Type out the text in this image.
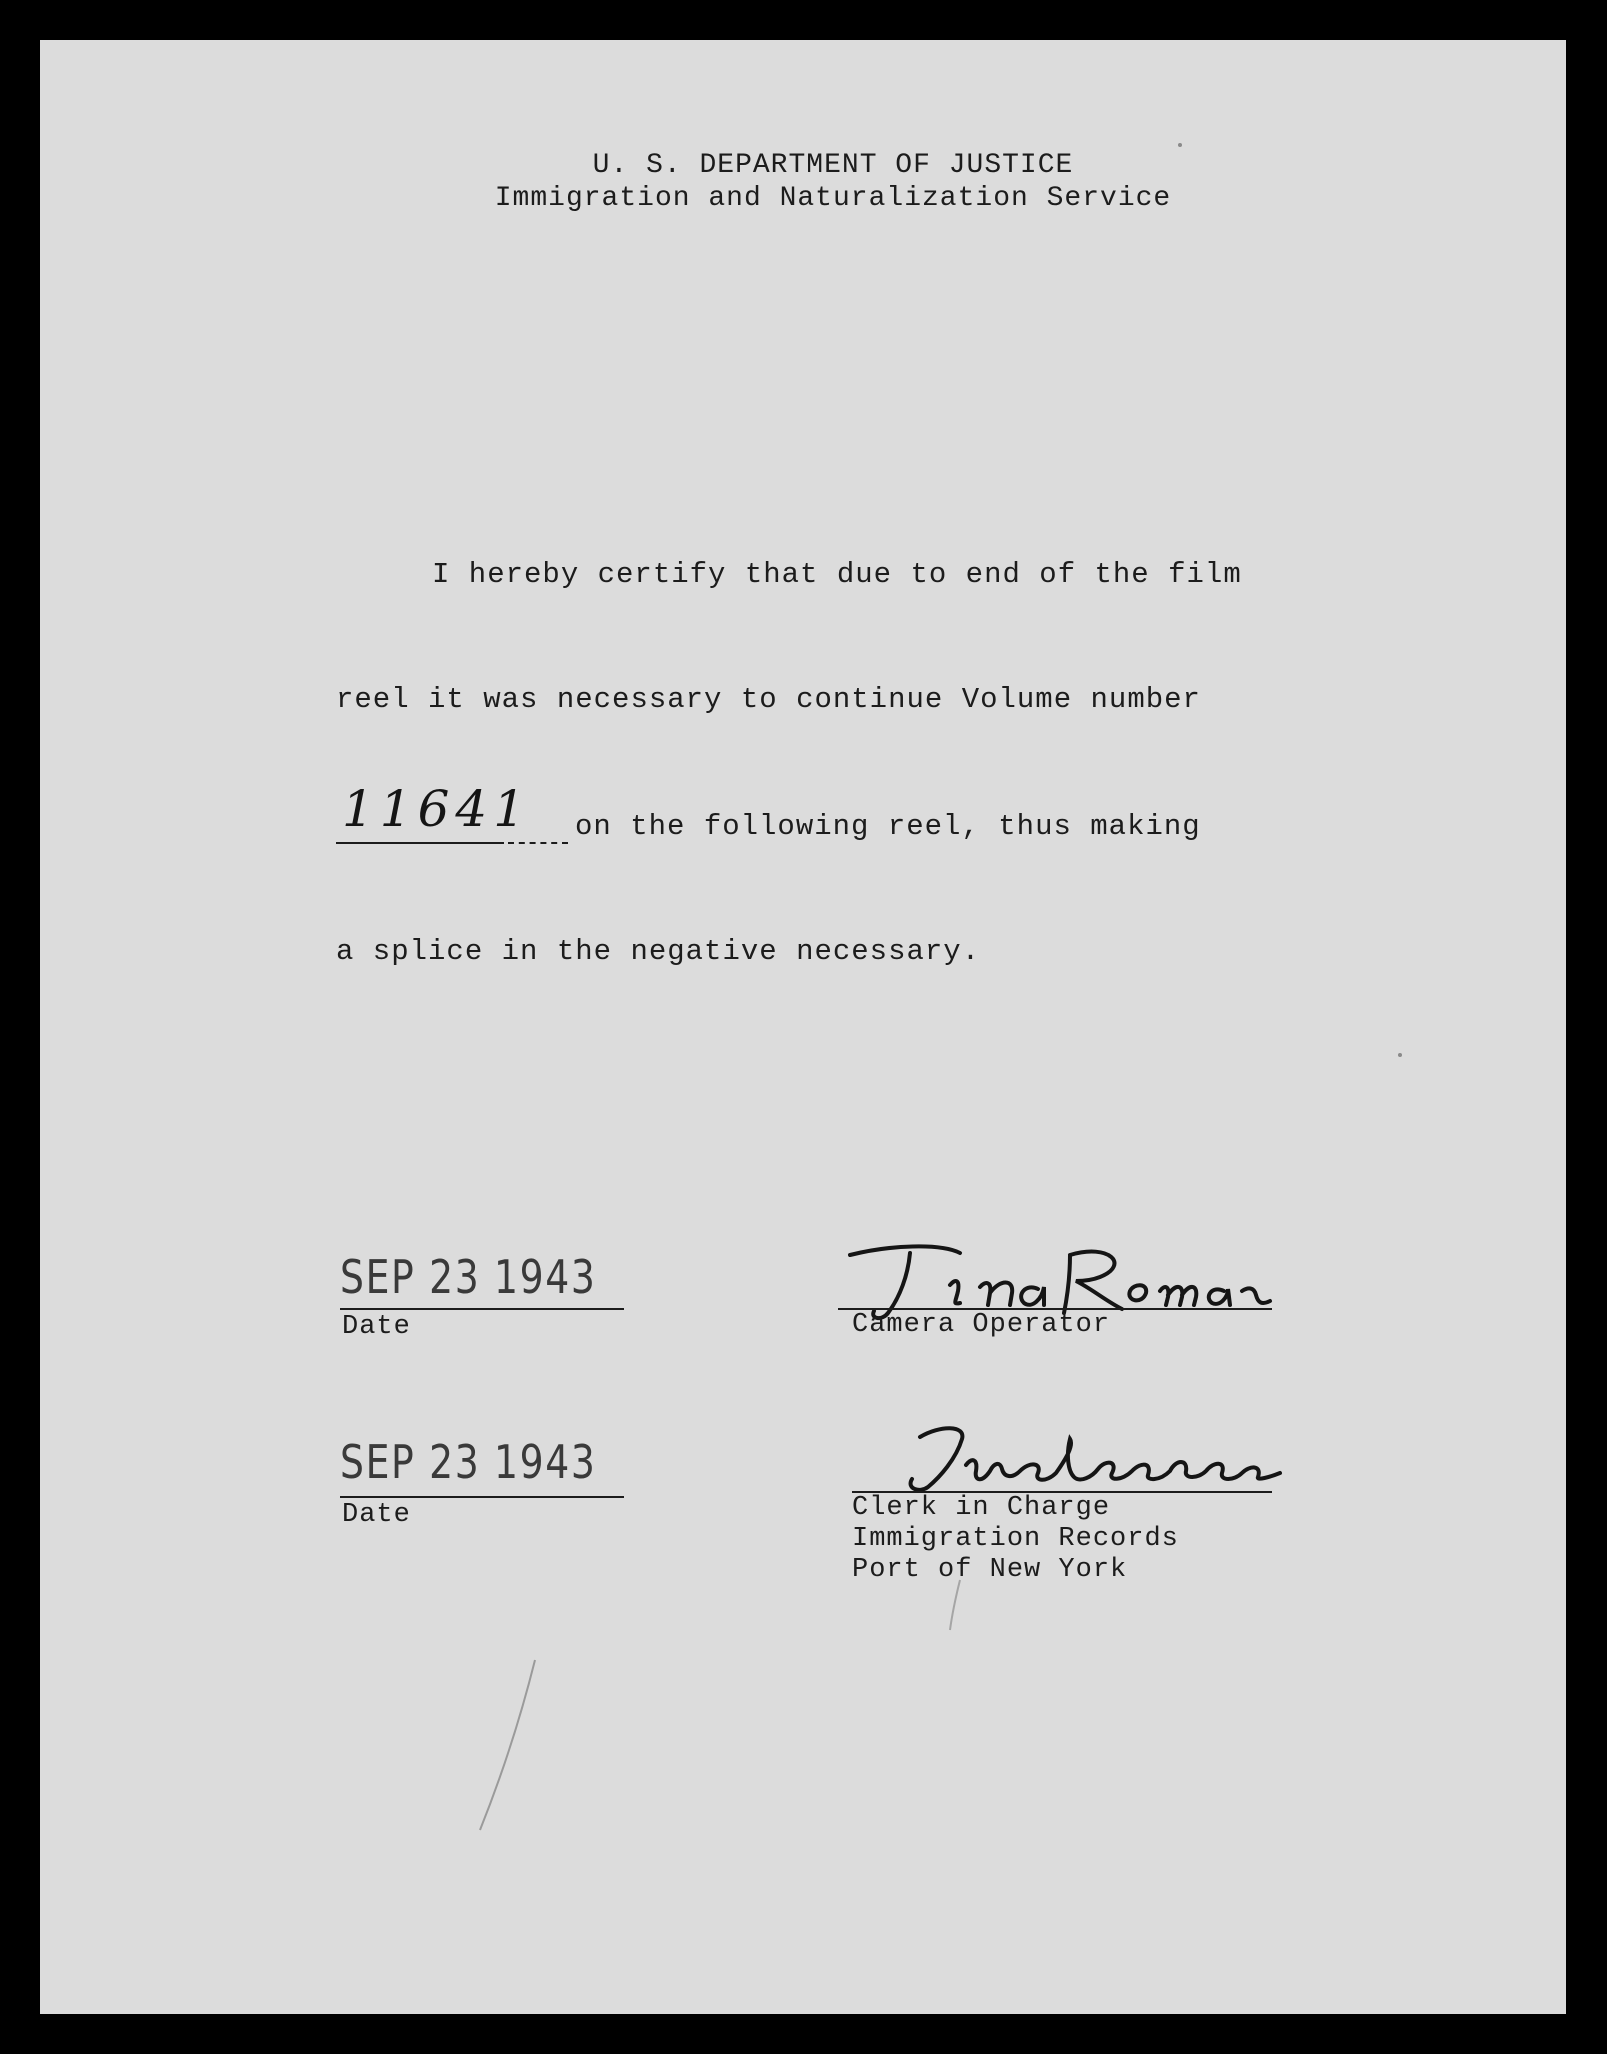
U. S. DEPARTMENT OF JUSTICE
Immigration and Naturalization Service
I hereby certify that due to end of the film
reel it was necessary to continue Volume number
11641 on the following reel, thus making
a splice in the negative necessary.
SEP 23 1943
Date	Camera Operator
SEP 23 1943
Date	Clerk in Charge
Immigration Records
Port of New York
